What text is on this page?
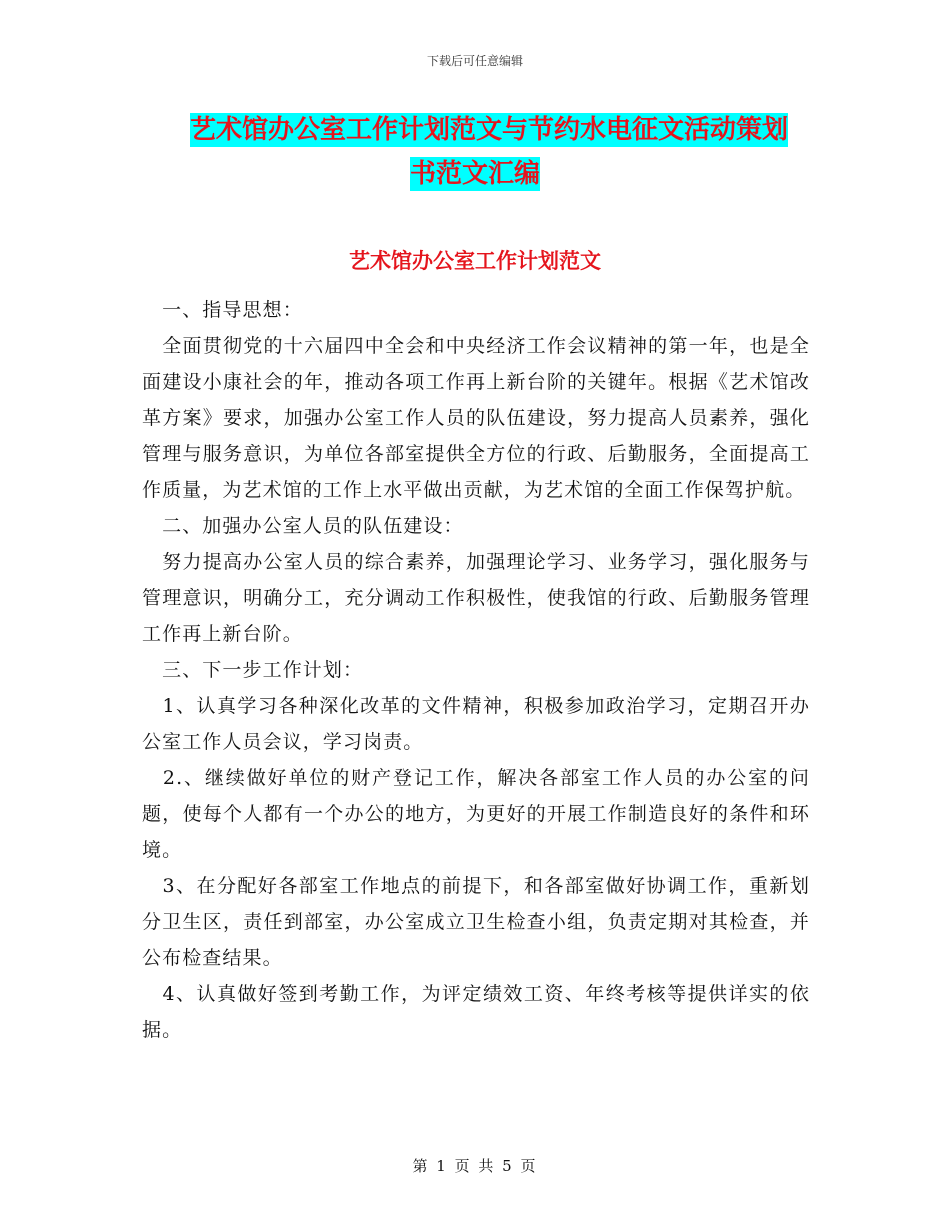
下载后可任意编辑
艺术馆办公室工作计划范文与节约水电征文活动策划
书范文汇编
艺术馆办公室工作计划范文

　一、指导思想：

　全面贯彻党的十六届四中全会和中央经济工作会议精神的第一年，也是全面建设小康社会的年，推动各项工作再上新台阶的关键年。根据《艺术馆改革方案》要求，加强办公室工作人员的队伍建设，努力提高人员素养，强化管理与服务意识，为单位各部室提供全方位的行政、后勤服务，全面提高工作质量，为艺术馆的工作上水平做出贡献，为艺术馆的全面工作保驾护航。

　二、加强办公室人员的队伍建设：

　努力提高办公室人员的综合素养，加强理论学习、业务学习，强化服务与管理意识，明确分工，充分调动工作积极性，使我馆的行政、后勤服务管理工作再上新台阶。

　三、下一步工作计划：

　1、认真学习各种深化改革的文件精神，积极参加政治学习，定期召开办公室工作人员会议，学习岗责。

　2.、继续做好单位的财产登记工作，解决各部室工作人员的办公室的问题，使每个人都有一个办公的地方，为更好的开展工作制造良好的条件和环境。

　3、在分配好各部室工作地点的前提下，和各部室做好协调工作，重新划分卫生区，责任到部室，办公室成立卫生检查小组，负责定期对其检查，并公布检查结果。

　4、认真做好签到考勤工作，为评定绩效工资、年终考核等提供详实的依据。

第 1 页 共 5 页
